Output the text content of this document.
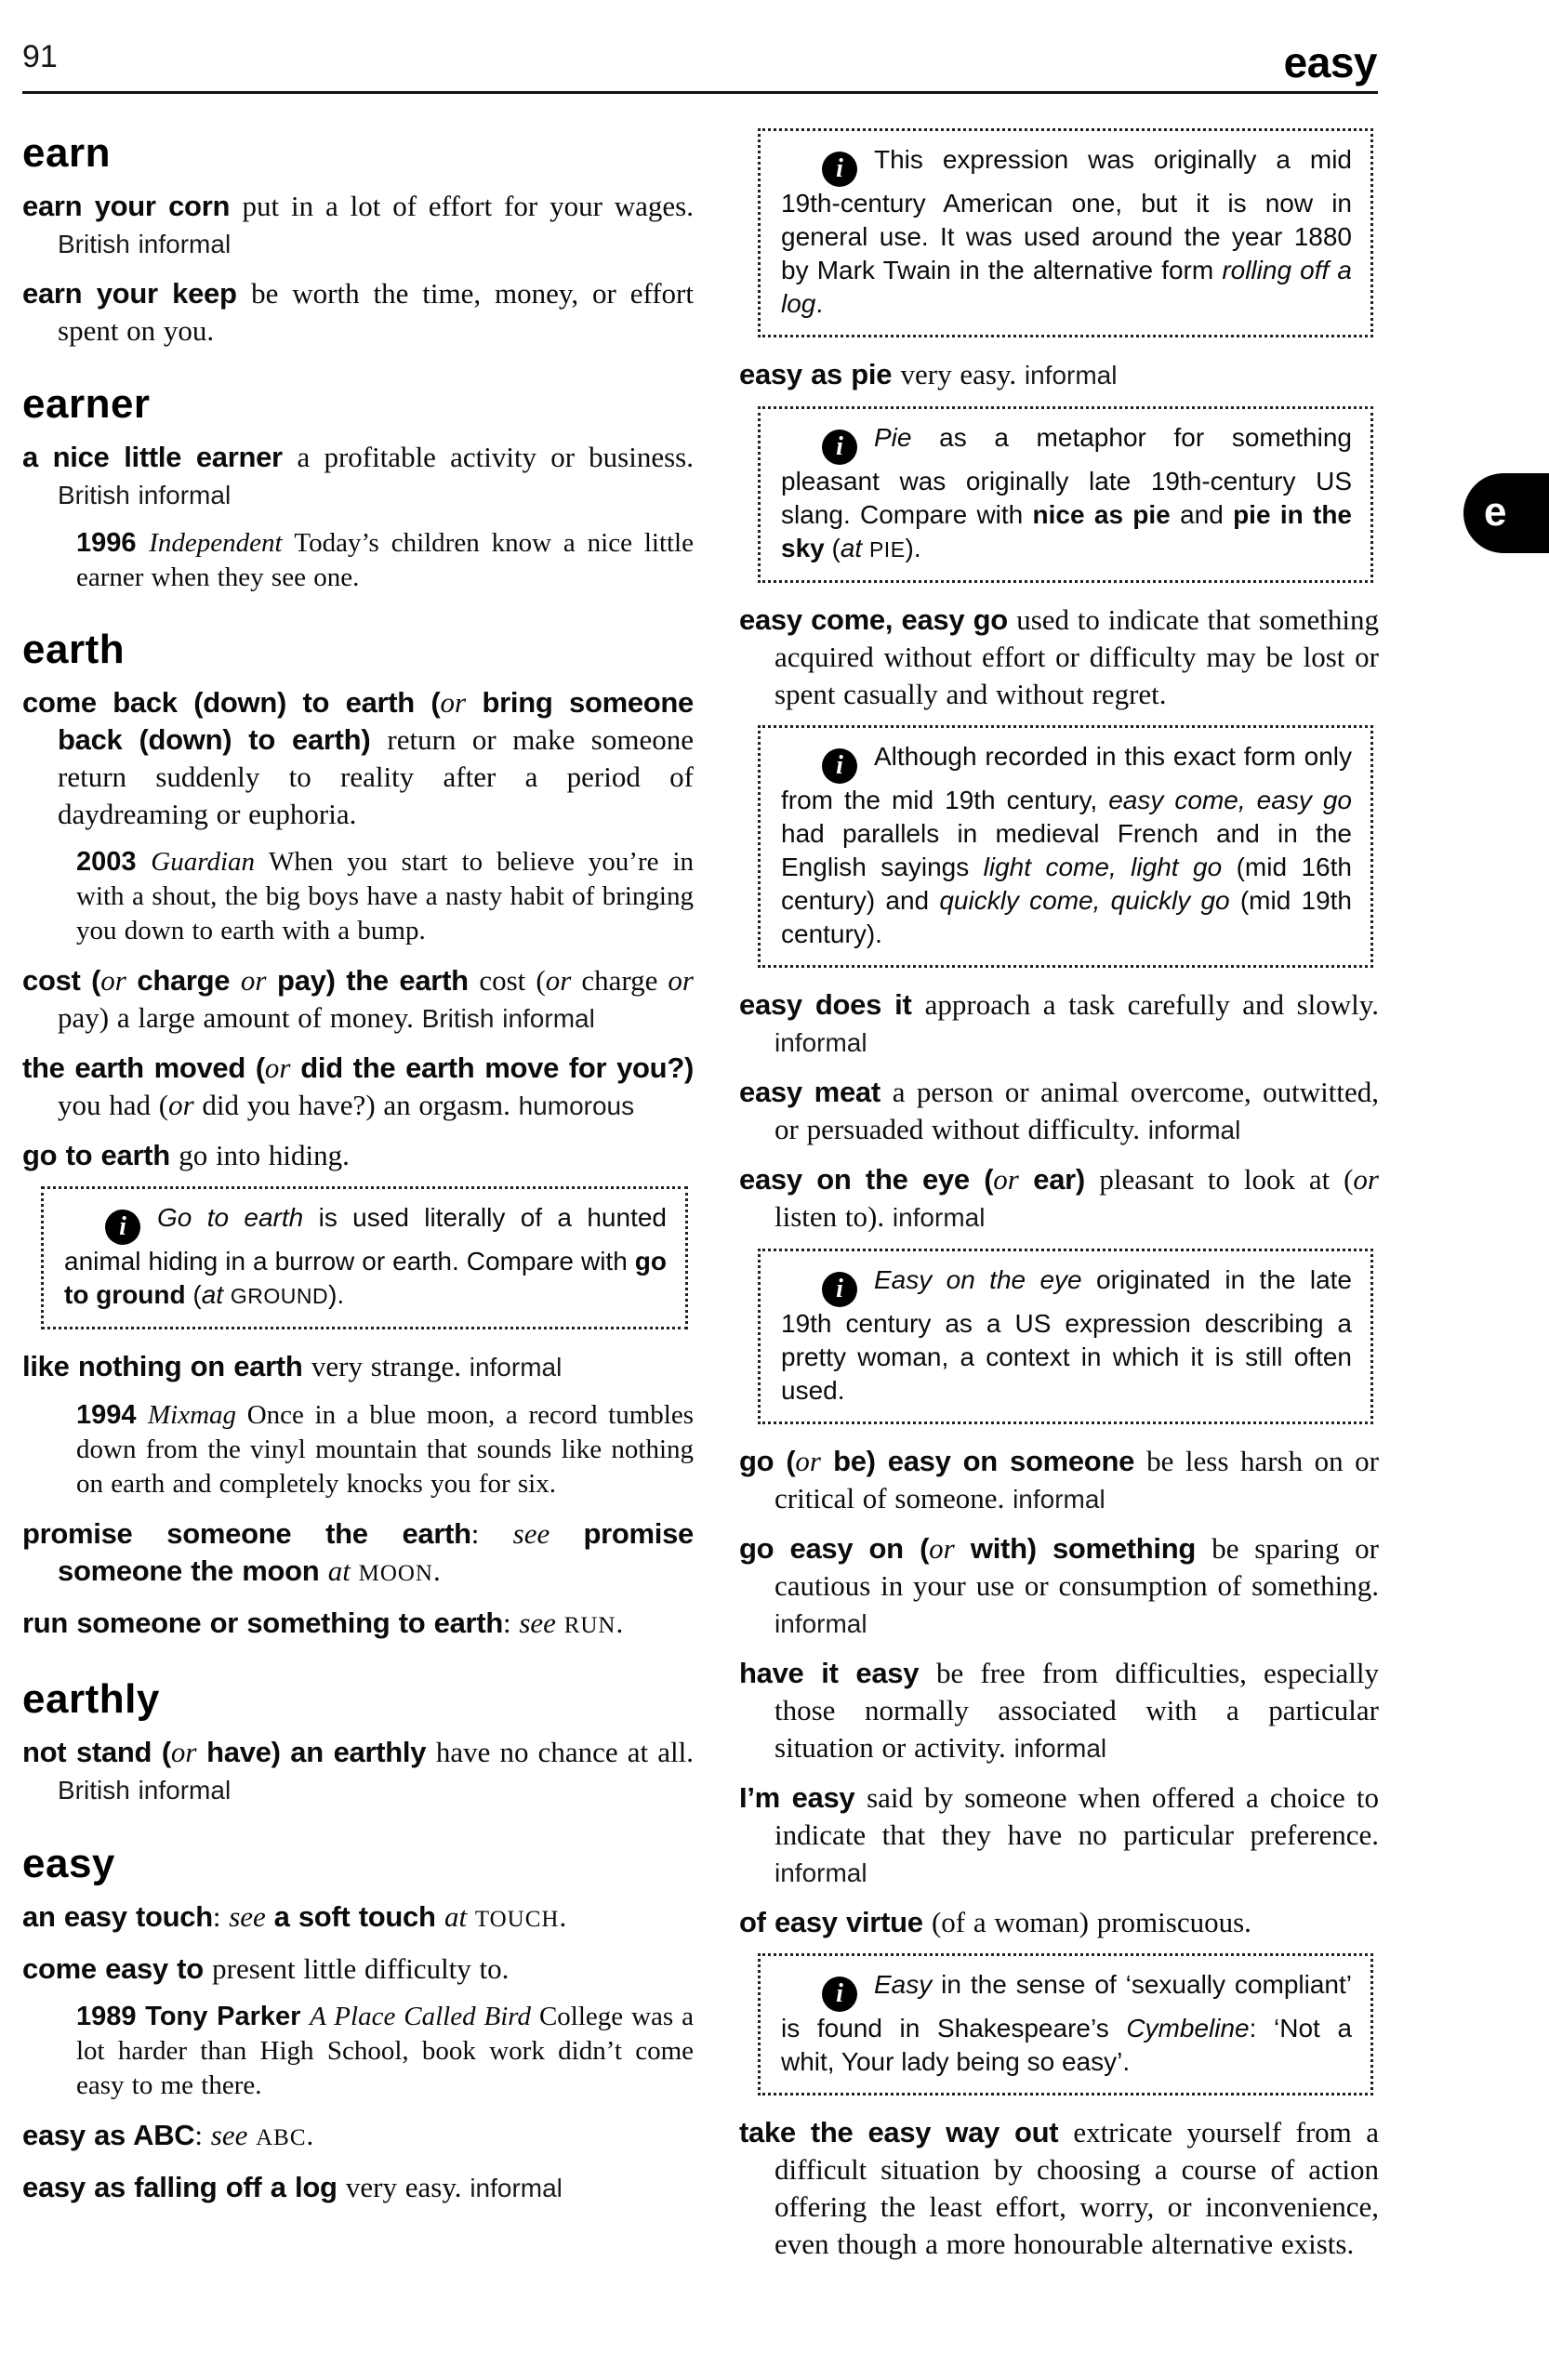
91	easy
earn

earn your corn put in a lot of effort for your wages. British informal

earn your keep be worth the time, money, or effort spent on you.

earner

a nice little earner a profitable activity or business. British informal

1996 Independent Today’s children know a nice little earner when they see one.

earth

come back (down) to earth (or bring someone back (down) to earth) return or make someone return suddenly to reality after a period of daydreaming or euphoria.

2003 Guardian When you start to believe you’re in with a shout, the big boys have a nasty habit of bringing you down to earth with a bump.

cost (or charge or pay) the earth cost (or charge or pay) a large amount of money. British informal

the earth moved (or did the earth move for you?) you had (or did you have?) an orgasm. humorous

go to earth go into hiding.

i Go to earth is used literally of a hunted animal hiding in a burrow or earth. Compare with go to ground (at GROUND).

like nothing on earth very strange. informal

1994 Mixmag Once in a blue moon, a record tumbles down from the vinyl mountain that sounds like nothing on earth and completely knocks you for six.

promise someone the earth: see promise someone the moon at MOON.

run someone or something to earth: see RUN.

earthly

not stand (or have) an earthly have no chance at all. British informal

easy

an easy touch: see a soft touch at TOUCH.

come easy to present little difficulty to.

1989 Tony Parker A Place Called Bird College was a lot harder than High School, book work didn’t come easy to me there.

easy as ABC: see ABC.

easy as falling off a log very easy. informal

i This expression was originally a mid 19th-century American one, but it is now in general use. It was used around the year 1880 by Mark Twain in the alternative form rolling off a log.

easy as pie very easy. informal

i Pie as a metaphor for something pleasant was originally late 19th-century US slang. Compare with nice as pie and pie in the sky (at PIE).

easy come, easy go used to indicate that something acquired without effort or difficulty may be lost or spent casually and without regret.

i Although recorded in this exact form only from the mid 19th century, easy come, easy go had parallels in medieval French and in the English sayings light come, light go (mid 16th century) and quickly come, quickly go (mid 19th century).

easy does it approach a task carefully and slowly. informal

easy meat a person or animal overcome, outwitted, or persuaded without difficulty. informal

easy on the eye (or ear) pleasant to look at (or listen to). informal

i Easy on the eye originated in the late 19th century as a US expression describing a pretty woman, a context in which it is still often used.

go (or be) easy on someone be less harsh on or critical of someone. informal

go easy on (or with) something be sparing or cautious in your use or consumption of something. informal

have it easy be free from difficulties, especially those normally associated with a particular situation or activity. informal

I’m easy said by someone when offered a choice to indicate that they have no particular preference. informal

of easy virtue (of a woman) promiscuous.

i Easy in the sense of ‘sexually compliant’ is found in Shakespeare’s Cymbeline: ‘Not a whit, Your lady being so easy’.

take the easy way out extricate yourself from a difficult situation by choosing a course of action offering the least effort, worry, or inconvenience, even though a more honourable alternative exists.

e
